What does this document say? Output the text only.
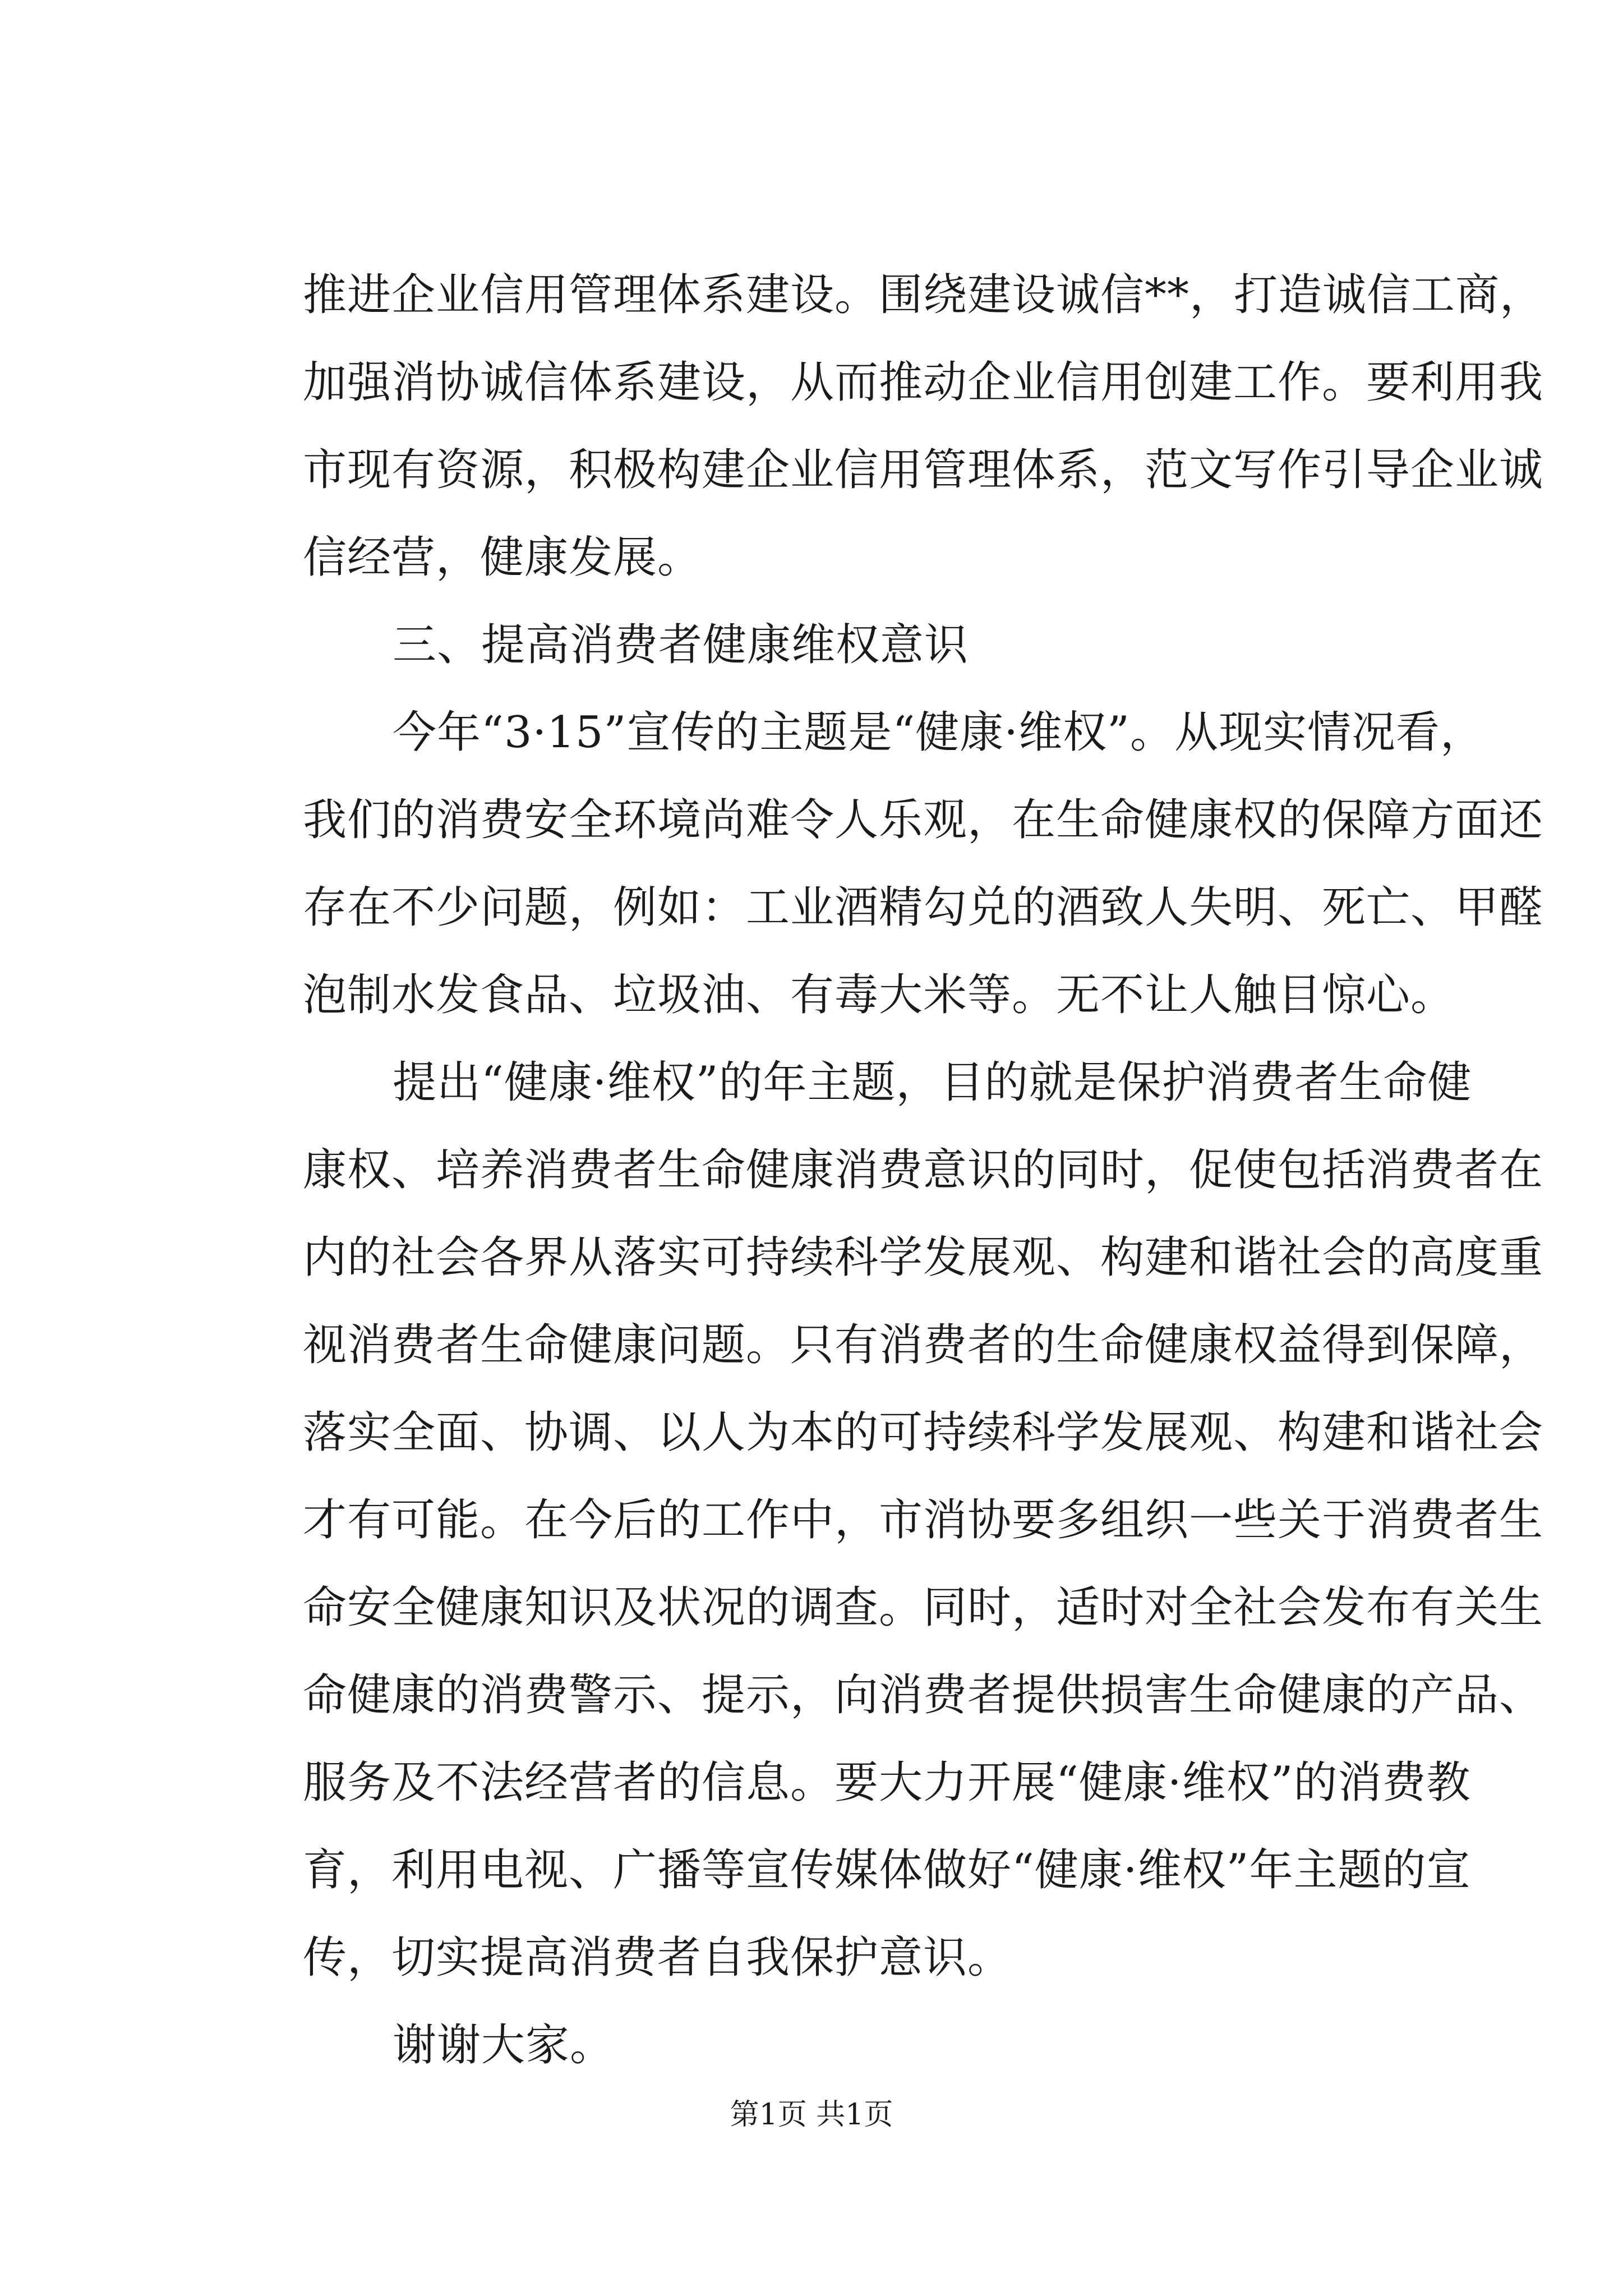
推进企业信用管理体系建设。围绕建设诚信**，打造诚信工商，
加强消协诚信体系建设，从而推动企业信用创建工作。要利用我
市现有资源，积极构建企业信用管理体系，范文写作引导企业诚
信经营，健康发展。
三、提高消费者健康维权意识
今年“3·15”宣传的主题是“健康·维权”。从现实情况看，
我们的消费安全环境尚难令人乐观，在生命健康权的保障方面还
存在不少问题，例如：工业酒精勾兑的酒致人失明、死亡、甲醛
泡制水发食品、垃圾油、有毒大米等。无不让人触目惊心。
提出“健康·维权”的年主题，目的就是保护消费者生命健
康权、培养消费者生命健康消费意识的同时，促使包括消费者在
内的社会各界从落实可持续科学发展观、构建和谐社会的高度重
视消费者生命健康问题。只有消费者的生命健康权益得到保障，
落实全面、协调、以人为本的可持续科学发展观、构建和谐社会
才有可能。在今后的工作中，市消协要多组织一些关于消费者生
命安全健康知识及状况的调查。同时，适时对全社会发布有关生
命健康的消费警示、提示，向消费者提供损害生命健康的产品、
服务及不法经营者的信息。要大力开展“健康·维权”的消费教
育，利用电视、广播等宣传媒体做好“健康·维权”年主题的宣
传，切实提高消费者自我保护意识。
谢谢大家。
第1页 共1页
